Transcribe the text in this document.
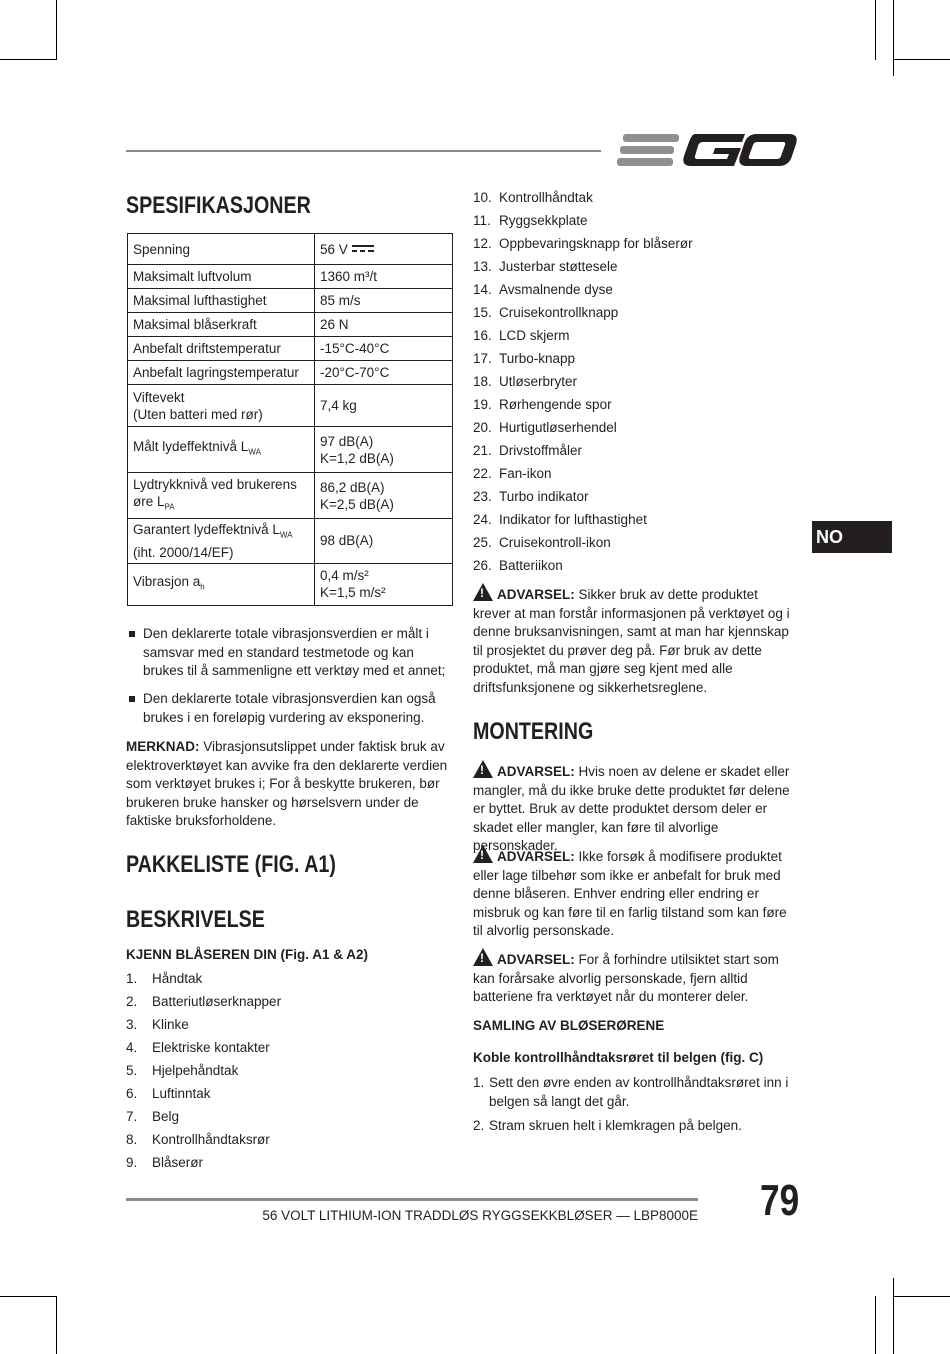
NO
SPESIFIKASJONER
Spenning	56 V
Maksimalt luftvolum	1360 m³/t
Maksimal lufthastighet	85 m/s
Maksimal blåserkraft	26 N
Anbefalt driftstemperatur	-15°C-40°C
Anbefalt lagringstemperatur	-20°C-70°C
Viftevekt
(Uten batteri med rør)	7,4 kg
Målt lydeffektnivå $L_{WA}$	97 dB(A)
K=1,2 dB(A)
Lydtrykknivå ved brukerens
øre $L_{PA}$	86,2 dB(A)
K=2,5 dB(A)
Garantert lydeffektnivå $L_{WA}$
(iht. 2000/14/EF)	98 dB(A)
Vibrasjon $a_h$	0,4 m/s²
K=1,5 m/s²
Den deklarerte totale vibrasjonsverdien er målt i samsvar med en standard testmetode og kan brukes til å sammenligne ett verktøy med et annet;
Den deklarerte totale vibrasjonsverdien kan også brukes i en foreløpig vurdering av eksponering.
MERKNAD: Vibrasjonsutslippet under faktisk bruk av elektroverktøyet kan avvike fra den deklarerte verdien som verktøyet brukes i; For å beskytte brukeren, bør brukeren bruke hansker og hørselsvern under de faktiske bruksforholdene.
PAKKELISTE (FIG. A1)
BESKRIVELSE
KJENN BLÅSEREN DIN (Fig. A1 & A2)
1. Håndtak
2. Batteriutløserknapper
3. Klinke
4. Elektriske kontakter
5. Hjelpehåndtak
6. Luftinntak
7. Belg
8. Kontrollhåndtaksrør
9. Blåserør
10. Kontrollhåndtak
11. Ryggsekkplate
12. Oppbevaringsknapp for blåserør
13. Justerbar støttesele
14. Avsmalnende dyse
15. Cruisekontrollknapp
16. LCD skjerm
17. Turbo-knapp
18. Utløserbryter
19. Rørhengende spor
20. Hurtigutløserhendel
21. Drivstoffmåler
22. Fan-ikon
23. Turbo indikator
24. Indikator for lufthastighet
25. Cruisekontroll-ikon
26. Batteriikon
!ADVARSEL: Sikker bruk av dette produktet krever at man forstår informasjonen på verktøyet og i denne bruksanvisningen, samt at man har kjennskap til prosjektet du prøver deg på. Før bruk av dette produktet, må man gjøre seg kjent med alle driftsfunksjonene og sikkerhetsreglene.
MONTERING
!ADVARSEL: Hvis noen av delene er skadet eller mangler, må du ikke bruke dette produktet før delene er byttet. Bruk av dette produktet dersom deler er skadet eller mangler, kan føre til alvorlige personskader.
!ADVARSEL: Ikke forsøk å modifisere produktet eller lage tilbehør som ikke er anbefalt for bruk med denne blåseren. Enhver endring eller endring er misbruk og kan føre til en farlig tilstand som kan føre til alvorlig personskade.
!ADVARSEL: For å forhindre utilsiktet start som kan forårsake alvorlig personskade, fjern alltid batteriene fra verktøyet når du monterer deler.
SAMLING AV BLØSERØRENE
Koble kontrollhåndtaksrøret til belgen (fig. C)
1. Sett den øvre enden av kontrollhåndtaksrøret inn i belgen så langt det går.
2. Stram skruen helt i klemkragen på belgen.
56 VOLT LITHIUM-ION TRADDLØS RYGGSEKKBLØSER — LBP8000E 79
